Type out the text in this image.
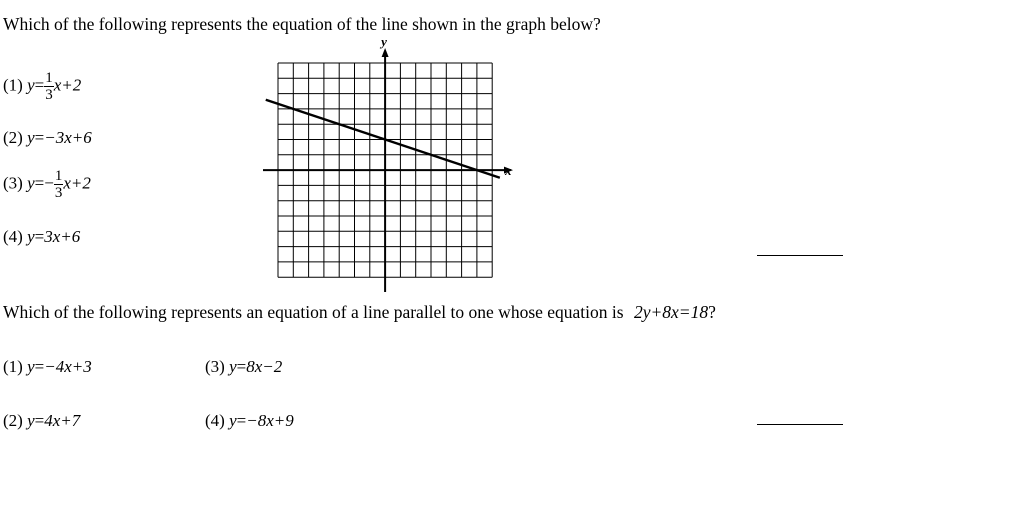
Which of the following represents the equation of the line shown in the graph below?
(1) $y= \frac{1}{3} x+2$
(2) y=−3x+6
(3) $y=- \frac{1}{3} x+2$
(4) y=3x+6
y
x
Which of the following represents an equation of a line parallel to one whose equation is 2y+8x=18?
(1) y=−4x+3
(2) y=4x+7
(3) y=8x−2
(4) y=−8x+9
